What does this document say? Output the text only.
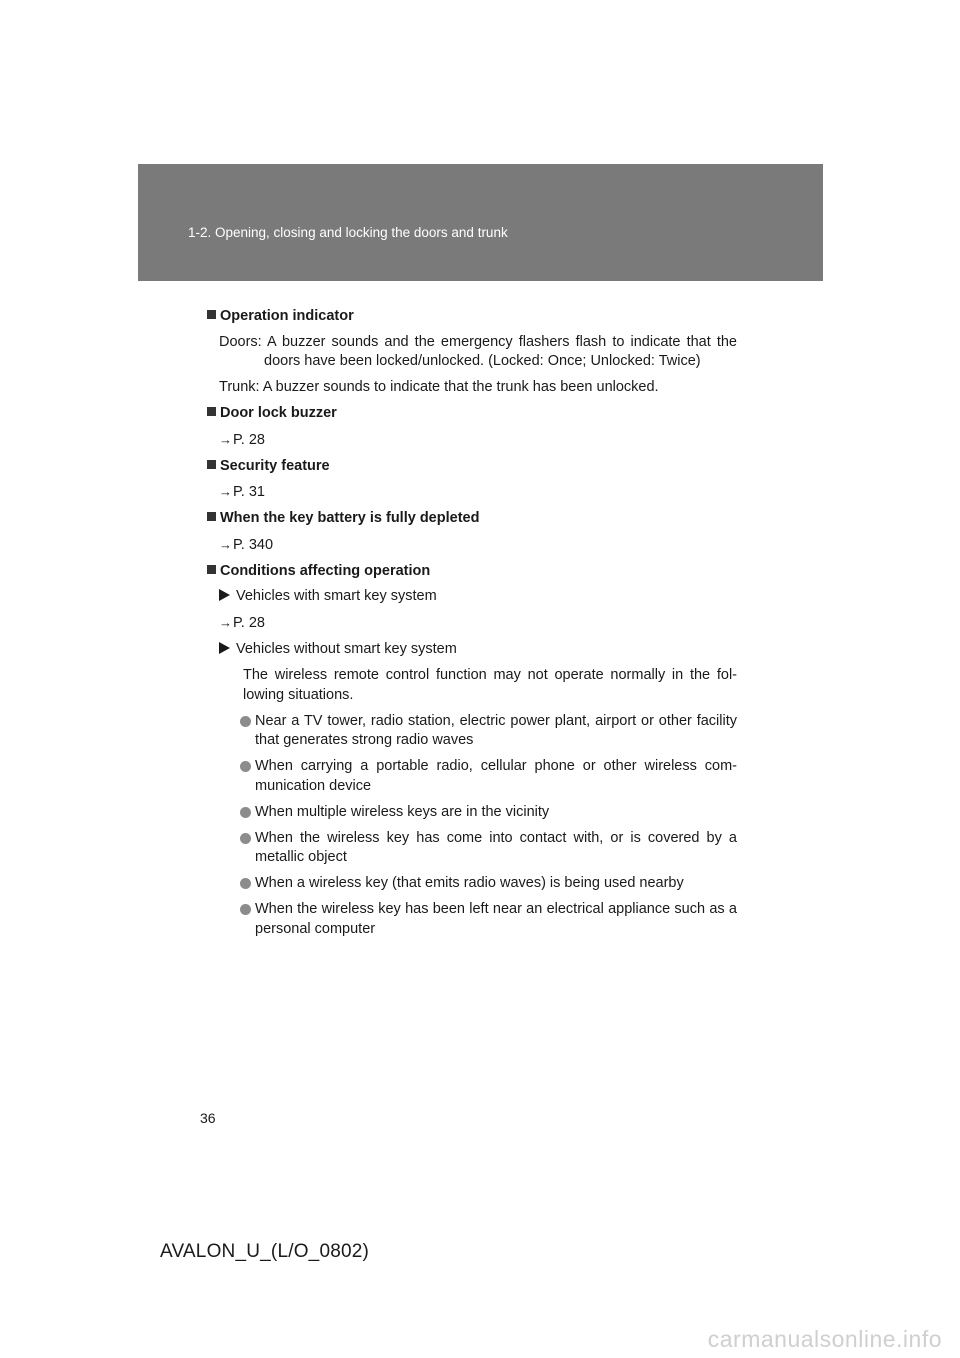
1-2. Opening, closing and locking the doors and trunk
Operation indicator
Doors: A buzzer sounds and the emergency flashers flash to indicate that the doors have been locked/unlocked. (Locked: Once; Unlocked: Twice)
Trunk: A buzzer sounds to indicate that the trunk has been unlocked.
Door lock buzzer
→P. 28
Security feature
→P. 31
When the key battery is fully depleted
→P. 340
Conditions affecting operation
Vehicles with smart key system
→P. 28
Vehicles without smart key system
The wireless remote control function may not operate normally in the fol-lowing situations.
Near a TV tower, radio station, electric power plant, airport or other facility that generates strong radio waves
When carrying a portable radio, cellular phone or other wireless com-munication device
When multiple wireless keys are in the vicinity
When the wireless key has come into contact with, or is covered by a metallic object
When a wireless key (that emits radio waves) is being used nearby
When the wireless key has been left near an electrical appliance such as a personal computer
36
AVALON_U_(L/O_0802)
carmanualsonline.info
